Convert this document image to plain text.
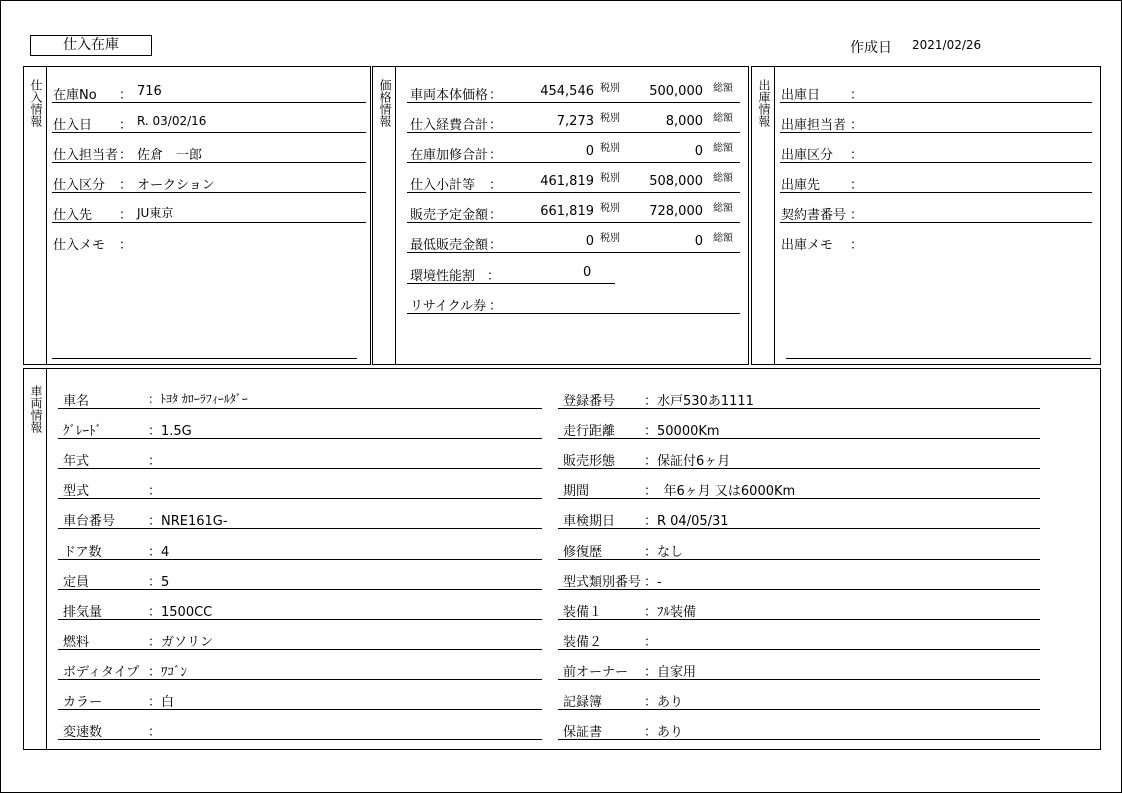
仕入在庫	作成日 2021/02/26
仕入情報 在庫No ： 716
仕入日 ： R. 03/02/16
仕入担当者 ： 佐倉　一郎
仕入区分 ： オークション
仕入先 ： JU東京
仕入メモ ：
価格情報 車両本体価格 ：	454,546 税別 500,000 総額
仕入経費合計 ：	7,273 税別	8,000 総額
在庫加修合計 ：	0 税別	0 総額
仕入小計等 ：	461,819 税別 508,000 総額
販売予定金額 ：	661,819 税別 728,000 総額
最低販売金額 ：	0 税別	0 総額
環境性能割 ：	0
リサイクル券 ：
出庫情報 出庫日 ：
出庫担当者 ：
出庫区分 ：
出庫先 ：
契約書番号 ：
出庫メモ ：
車両情報 車名	：ﾄﾖﾀ ｶﾛｰﾗﾌｨｰﾙﾀﾞｰ
ｸﾞﾚｰﾄﾞ	：1.5G
年式	：
型式	：
車台番号	：NRE161G-
ドア数	：4
定員	：5
排気量	：1500CC
燃料	：ガソリン
ボディタイプ ：ﾜｺﾞﾝ
カラー	：白
変速数	：
登録番号 ：水戸530あ1111
走行距離 ：50000Km
販売形態 ：保証付6ヶ月
期間	：　年6ヶ月 又は6000Km
車検期日 ：R 04/05/31
修復歴	：なし
型式類別番号 ：-
装備１	：ﾌﾙ装備
装備２	：
前オーナー ：自家用
記録簿	：あり
保証書	：あり
